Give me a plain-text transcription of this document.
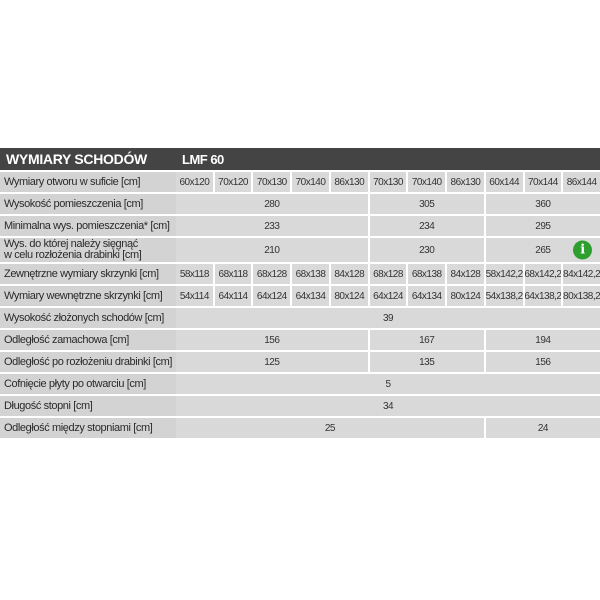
WYMIARY SCHODÓW	LMF 60
Wymiary otworu w suficie [cm]	60x120 70x120 70x130 70x140 86x130 70x130 70x140 86x130 60x144 70x144 86x144
Wysokość pomieszczenia [cm]	280	305	360
Minimalna wys. pomieszczenia* [cm]	233	234	295
Wys. do której należy sięgnąć
w celu rozłożenia drabinki [cm]	210	230	265	i
Zewnętrzne wymiary skrzynki [cm] 58x118 68x118 68x128 68x138 84x128 68x128 68x138 84x128 58x142,2 68x142,2 84x142,2
Wymiary wewnętrzne skrzynki [cm] 54x114 64x114 64x124 64x134 80x124 64x124 64x134 80x124 54x138,2 64x138,2 80x138,2
Wysokość złożonych schodów [cm]	39
Odległość zamachowa [cm]	156	167	194
Odległość po rozłożeniu drabinki [cm]	125	135	156
Cofnięcie płyty po otwarciu [cm]	5
Długość stopni [cm]	34
Odległość między stopniami [cm]	25	24
